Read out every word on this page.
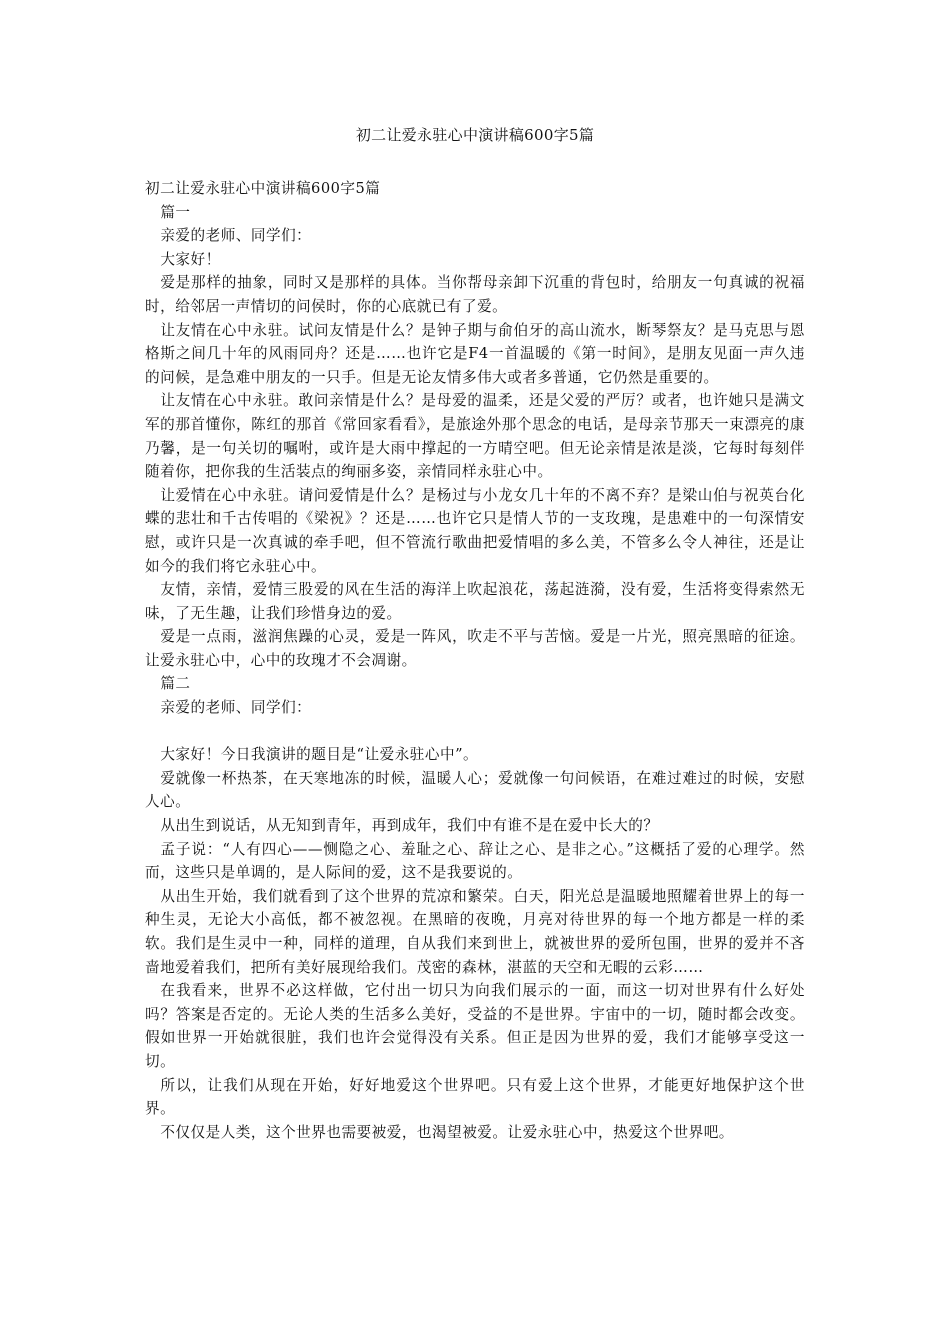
初二让爱永驻心中演讲稿600字5篇

初二让爱永驻心中演讲稿600字5篇

篇一

亲爱的老师、同学们：

大家好！

爱是那样的抽象，同时又是那样的具体。当你帮母亲卸下沉重的背包时，给朋友一句真诚的祝福时，给邻居一声情切的问侯时，你的心底就已有了爱。

让友情在心中永驻。试问友情是什么？是钟子期与俞伯牙的高山流水，断琴祭友？是马克思与恩格斯之间几十年的风雨同舟？还是……也许它是F4一首温暖的《第一时间》，是朋友见面一声久违的问候，是急难中朋友的一只手。但是无论友情多伟大或者多普通，它仍然是重要的。

让友情在心中永驻。敢问亲情是什么？是母爱的温柔，还是父爱的严厉？或者，也许她只是满文军的那首懂你，陈红的那首《常回家看看》，是旅途外那个思念的电话，是母亲节那天一束漂亮的康乃馨，是一句关切的嘱咐，或许是大雨中撑起的一方晴空吧。但无论亲情是浓是淡，它每时每刻伴随着你，把你我的生活装点的绚丽多姿，亲情同样永驻心中。

让爱情在心中永驻。请问爱情是什么？是杨过与小龙女几十年的不离不弃？是梁山伯与祝英台化蝶的悲壮和千古传唱的《梁祝》？还是……也许它只是情人节的一支玫瑰，是患难中的一句深情安慰，或许只是一次真诚的牵手吧，但不管流行歌曲把爱情唱的多么美，不管多么令人神往，还是让如今的我们将它永驻心中。

友情，亲情，爱情三股爱的风在生活的海洋上吹起浪花，荡起涟漪，没有爱，生活将变得索然无味，了无生趣，让我们珍惜身边的爱。

爱是一点雨，滋润焦躁的心灵，爱是一阵风，吹走不平与苦恼。爱是一片光，照亮黑暗的征途。让爱永驻心中，心中的玫瑰才不会凋谢。

篇二

亲爱的老师、同学们：

大家好！今日我演讲的题目是“让爱永驻心中”。

爱就像一杯热茶，在天寒地冻的时候，温暖人心；爱就像一句问候语，在难过难过的时候，安慰人心。

从出生到说话，从无知到青年，再到成年，我们中有谁不是在爱中长大的？

孟子说：“人有四心——恻隐之心、羞耻之心、辞让之心、是非之心。”这概括了爱的心理学。然而，这些只是单调的，是人际间的爱，这不是我要说的。

从出生开始，我们就看到了这个世界的荒凉和繁荣。白天，阳光总是温暖地照耀着世界上的每一种生灵，无论大小高低，都不被忽视。在黑暗的夜晚，月亮对待世界的每一个地方都是一样的柔软。我们是生灵中一种，同样的道理，自从我们来到世上，就被世界的爱所包围，世界的爱并不吝啬地爱着我们，把所有美好展现给我们。茂密的森林，湛蓝的天空和无暇的云彩……

在我看来，世界不必这样做，它付出一切只为向我们展示的一面，而这一切对世界有什么好处吗？答案是否定的。无论人类的生活多么美好，受益的不是世界。宇宙中的一切，随时都会改变。假如世界一开始就很脏，我们也许会觉得没有关系。但正是因为世界的爱，我们才能够享受这一切。

所以，让我们从现在开始，好好地爱这个世界吧。只有爱上这个世界，才能更好地保护这个世界。

不仅仅是人类，这个世界也需要被爱，也渴望被爱。让爱永驻心中，热爱这个世界吧。
